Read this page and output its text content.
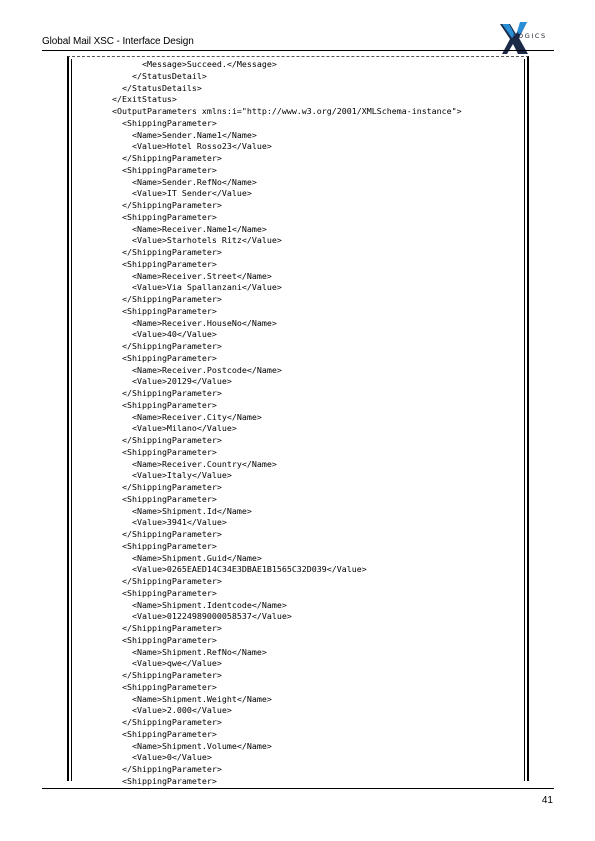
Global Mail XSC - Interface Design	LOGICS
<Message>Succeed.</Message>
</StatusDetail>
</StatusDetails>
</ExitStatus>
<OutputParameters xmlns:i="http://www.w3.org/2001/XMLSchema-instance">
<ShippingParameter>
<Name>Sender.Name1</Name>
<Value>Hotel Rosso23</Value>
</ShippingParameter>
<ShippingParameter>
<Name>Sender.RefNo</Name>
<Value>IT Sender</Value>
</ShippingParameter>
<ShippingParameter>
<Name>Receiver.Name1</Name>
<Value>Starhotels Ritz</Value>
</ShippingParameter>
<ShippingParameter>
<Name>Receiver.Street</Name>
<Value>Via Spallanzani</Value>
</ShippingParameter>
<ShippingParameter>
<Name>Receiver.HouseNo</Name>
<Value>40</Value>
</ShippingParameter>
<ShippingParameter>
<Name>Receiver.Postcode</Name>
<Value>20129</Value>
</ShippingParameter>
<ShippingParameter>
<Name>Receiver.City</Name>
<Value>Milano</Value>
</ShippingParameter>
<ShippingParameter>
<Name>Receiver.Country</Name>
<Value>Italy</Value>
</ShippingParameter>
<ShippingParameter>
<Name>Shipment.Id</Name>
<Value>3941</Value>
</ShippingParameter>
<ShippingParameter>
<Name>Shipment.Guid</Name>
<Value>0265EAED14C34E3DBAE1B1565C32D039</Value>
</ShippingParameter>
<ShippingParameter>
<Name>Shipment.Identcode</Name>
<Value>01224989000058537</Value>
</ShippingParameter>
<ShippingParameter>
<Name>Shipment.RefNo</Name>
<Value>qwe</Value>
</ShippingParameter>
<ShippingParameter>
<Name>Shipment.Weight</Name>
<Value>2.000</Value>
</ShippingParameter>
<ShippingParameter>
<Name>Shipment.Volume</Name>
<Value>0</Value>
</ShippingParameter>
<ShippingParameter>
41
